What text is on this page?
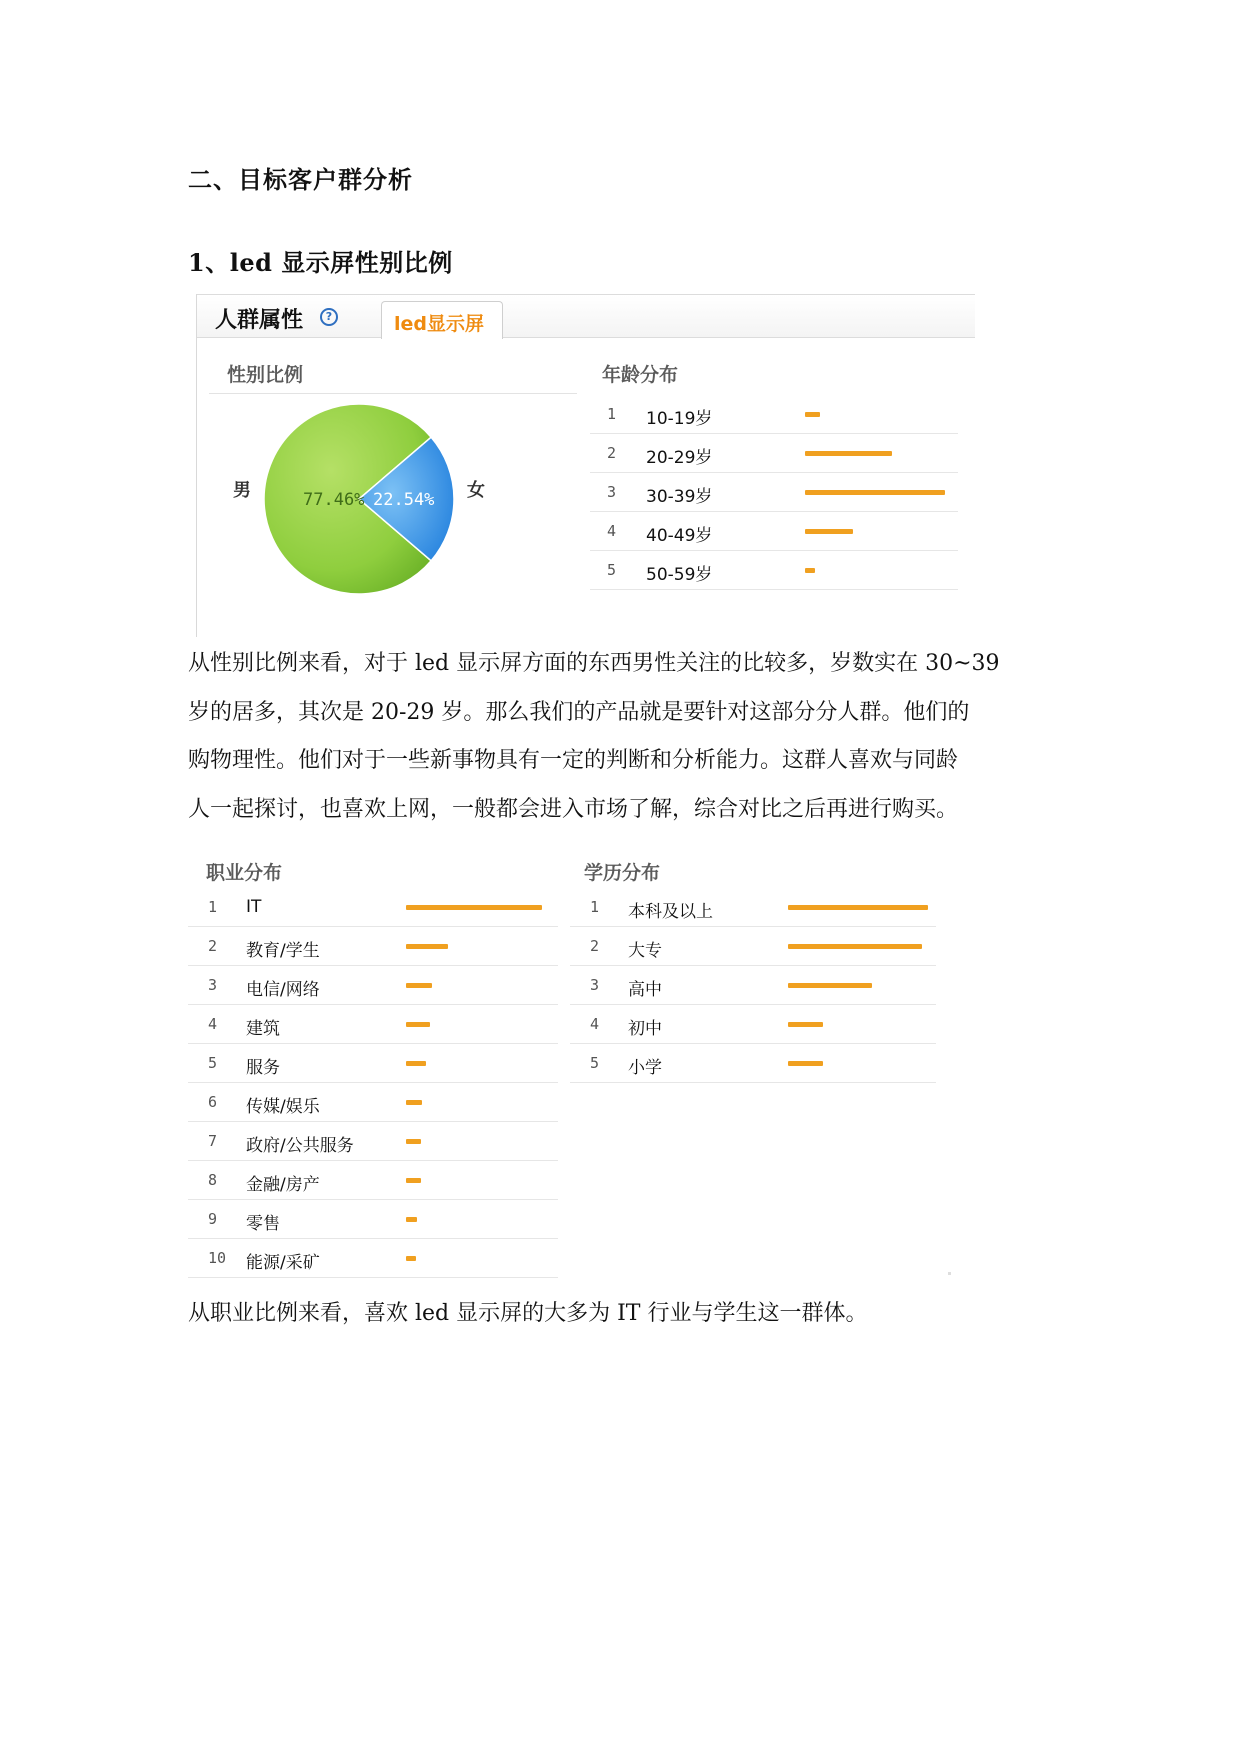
二、目标客户群分析
1、led 显示屏性别比例
人群属性	?	led显示屏
性别比例
男	女
77.46% 22.54%
年龄分布
1 10-19岁
2 20-29岁
3 30-39岁
4 40-49岁
5 50-59岁
从性别比例来看，对于 led 显示屏方面的东西男性关注的比较多，岁数实在 30~39
岁的居多，其次是 20-29 岁。那么我们的产品就是要针对这部分分人群。他们的
购物理性。他们对于一些新事物具有一定的判断和分析能力。这群人喜欢与同龄
人一起探讨，也喜欢上网，一般都会进入市场了解，综合对比之后再进行购买。
职业分布
1 IT
2 教育/学生
3 电信/网络
4 建筑
5 服务
6 传媒/娱乐
7 政府/公共服务
8 金融/房产
9 零售
10 能源/采矿
学历分布
1 本科及以上
2 大专
3 高中
4 初中
5 小学
从职业比例来看，喜欢 led 显示屏的大多为 IT 行业与学生这一群体。
